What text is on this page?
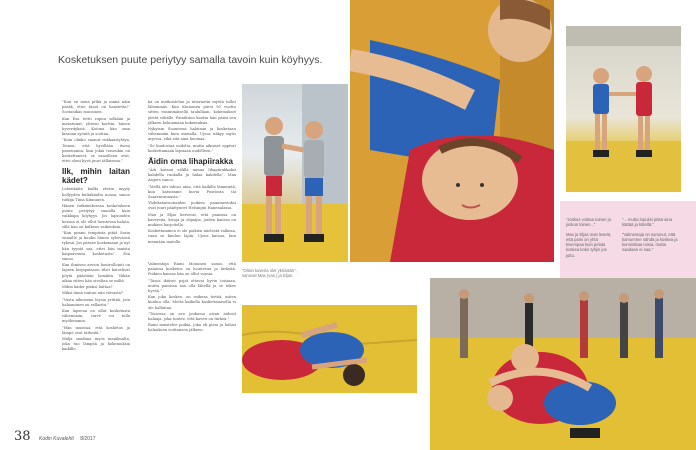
Kosketuksen puute periytyy samalla tavoin kuin köyhyys.

”Kun en mina pitkä ja mimä näin päräk, ettei tässä on haastetta!” Sostanikas muusinen.

Kun Esa tettii rapuu selkään ja maastunut, yhteen korttin, hänen hyverityksiä. Kotona hän oma kiranan syöntä ja soittaa.

”Koin olinko saanut rukkaasiyhtyn. Toinen, että hyvillään itseni panenninin, kun jokiä toisenkin on koskettaneet, se sanoilleen ovat, ettei oleni hyvä juuri tällaisena.”

Ilk, mihin laitan kädet?

Lebenkäite kuilki ztväin myyty hellyyden kultakäulta nousa, sanoo tutkija Tiina Kinnunen.

Hänen tutkimuksessa kosketuksen puute periytyy samalla kuin vaikkapa köyhyys. Jos lapsuuden kotona ei ole ollut luontevaa halata, sillä hän on kulkeus vaikeuksia.

”Kun pimini tempiista pitää Sarin ennaille ja kuulin hänen syleivänsä ryhmä. Jos pääsee koskemaan ja nyt hän tyyntä saa, ettei hän muista kaipaavansa kosketusta”, Esa sanoo.

Kun ihmisen arvion kontrollointi on lapsen kirjapainoon tilsit katselivat pöytä päästään lainakin. Vähän aikaa sitten hän oivaltaa se miltä.

Mihin käder pitäisi laittaa?

Miksi tämä tuntuu niin vierasta?

”Vasta aikuisena löysin yrittää, jota halaaminen on sellaista.”

Kun lapsena on ollut kosketusta vähemmän, tarve voi tulla myöhemmin.

”Hän muistaa, että kosketus ja lämpö ovat tärkeitä.”

Malja saaduna myös maailmalta, joka tuo lämpöä ja kokemuksia kaikille.

ka on matkustelun ja internetin myötä tullut lähemmäs. Kun Kinnunen piirsi 50 vuotta sitten ensimmäisellä taulullaan, kokemukset jäivät vähälle. Painiliiton kautta hän pääsi sen jälkeen kokoamaan kokemuksia.

Nykyisin Suomessa halataan ja kosketaan vähemmän kuin muualla. Ujous näkyy myös arjessa, eikä sitä aina huomaa.

”Se kuulostaa oudolta, mutta aikuiset oppivat koskettamaan lapsiaan uudelleen.”

Äidin oma lihapiirakka

”Äiti kutsuu välillä minua lihapiirakkaksi kahdella ruokalla ja halaa kahdella”, Max Asgers sanoo.

”Mellä äiti tahtoo aina, että kaikille lämmintä, kun katsomme kuvia Puistosta tai Saarenrannasta.”

Yhdeksänvuotiaiden poikien painimestoksi ovat juuri päättyneet Helsingin Hauenalassa.

Max ja Eljas kertovat, että painissa on kavereita, kisoja ja ohjaajia, joiden kanssa on mukava harjoitella.

Koskettaminen ei ole poikien mielestä vaikeaa, vaan se kuuluu lajiin. Ujous katoaa, kun mennään matolle.

Valmentaja Rami Mononen sanoo, että painissa kosketus on luontevaa ja tärkeää. Poikien kanssa hän on ollut vuosia.

”Tasoa ikäiset pojat ottavat hyvin toisiaan, mutta painissa saa olla lähellä ja se tekee hyvää.”

Kun joku koskee, on vaikeaa tietää, miten kuuluu olla. Motta kaikella koskettamisella ei ole hallintaa.

”Toisessa on sen joukossa aivan aidosti halaaja, joka tuntee, että kaveri on tärkeä.”

Rami muistelee poikia, joka oli pieni ja halusi halauksen voittaneen jälkeen.

”Olisin kaveria olet yksinään”, sanovat Max (vas.) ja Eljas.
”Joskus voittaa toinen ja joskus toinen...”
Max ja Eljas ovat leveät, että paini on yhtä kivempaa kuin pelata koskea koko tyhjin jos juttu.
”... mutta lopuksi pitää aina kättää ja kätellä.”
”Valmentaja on sanonut, että kamumme nähdä ja koskea ja kunnioittaa toisia, mutta saadaan ei saa.”
38 Kodin Kuvalehti 8/2017
